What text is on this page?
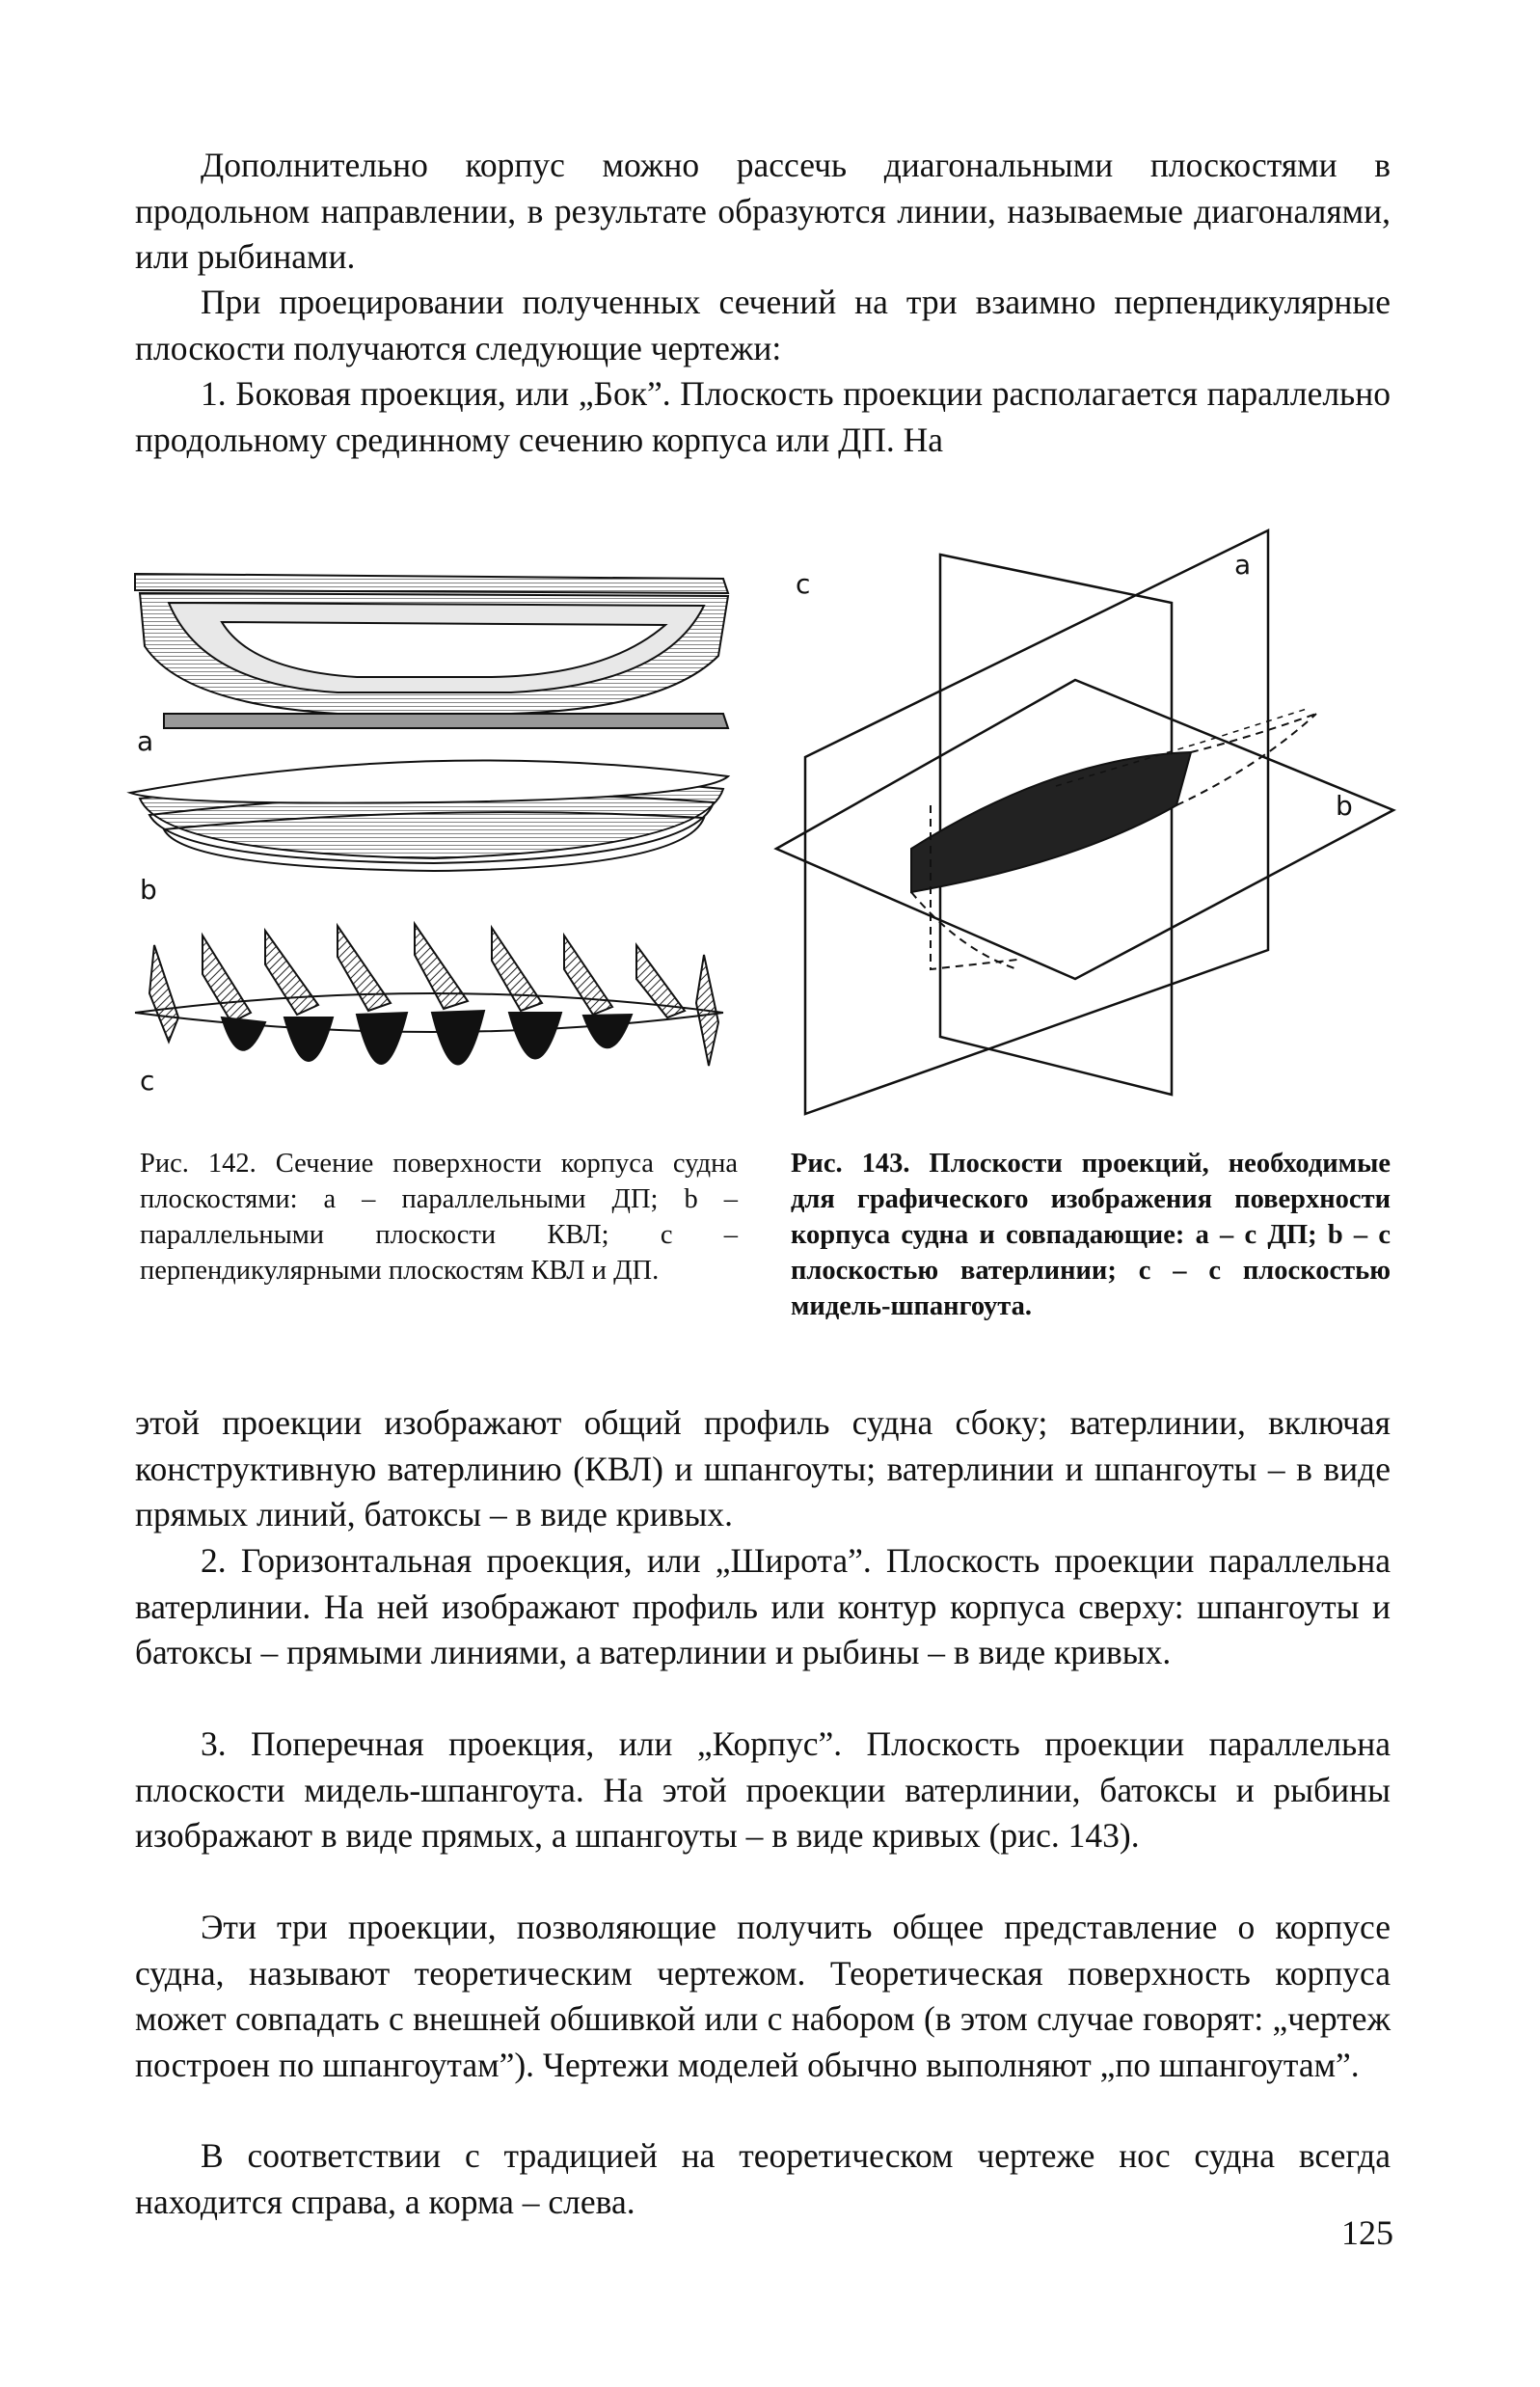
Дополнительно корпус можно рассечь диагональными плоскостями в продольном направлении, в результате образуются линии, называемые диагоналями, или рыбинами.

При проецировании полученных сечений на три взаимно перпендикулярные плоскости получаются следующие чертежи:

1. Боковая проекция, или „Бок”. Плоскость проекции располагается параллельно продольному срединному сечению корпуса или ДП. На

a
b
c
c
a
b

Рис. 142. Сечение поверхности корпуса судна плоскостями: a – параллельными ДП; b – параллельными плоскости КВЛ; c – перпендикулярными плоскостям КВЛ и ДП.

Рис. 143. Плоскости проекций, необходимые для графического изображения поверхности корпуса судна и совпадающие: a – с ДП; b – с плоскостью ватерлинии; c – с плоскостью мидель-шпангоута.

этой проекции изображают общий профиль судна сбоку; ватерлинии, включая конструктивную ватерлинию (КВЛ) и шпангоуты; ватерлинии и шпангоуты – в виде прямых линий, батоксы – в виде кривых.

2. Горизонтальная проекция, или „Широта”. Плоскость проекции параллельна ватерлинии. На ней изображают профиль или контур корпуса сверху: шпангоуты и батоксы – прямыми линиями, а ватерлинии и рыбины – в виде кривых.

3. Поперечная проекция, или „Корпус”. Плоскость проекции параллельна плоскости мидель-шпангоута. На этой проекции ватерлинии, батоксы и рыбины изображают в виде прямых, а шпангоуты – в виде кривых (рис. 143).

Эти три проекции, позволяющие получить общее представление о корпусе судна, называют теоретическим чертежом. Теоретическая поверхность корпуса может совпадать с внешней обшивкой или с набором (в этом случае говорят: „чертеж построен по шпангоутам”). Чертежи моделей обычно выполняют „по шпангоутам”.

В соответствии с традицией на теоретическом чертеже нос судна всегда находится справа, а корма – слева.

125
